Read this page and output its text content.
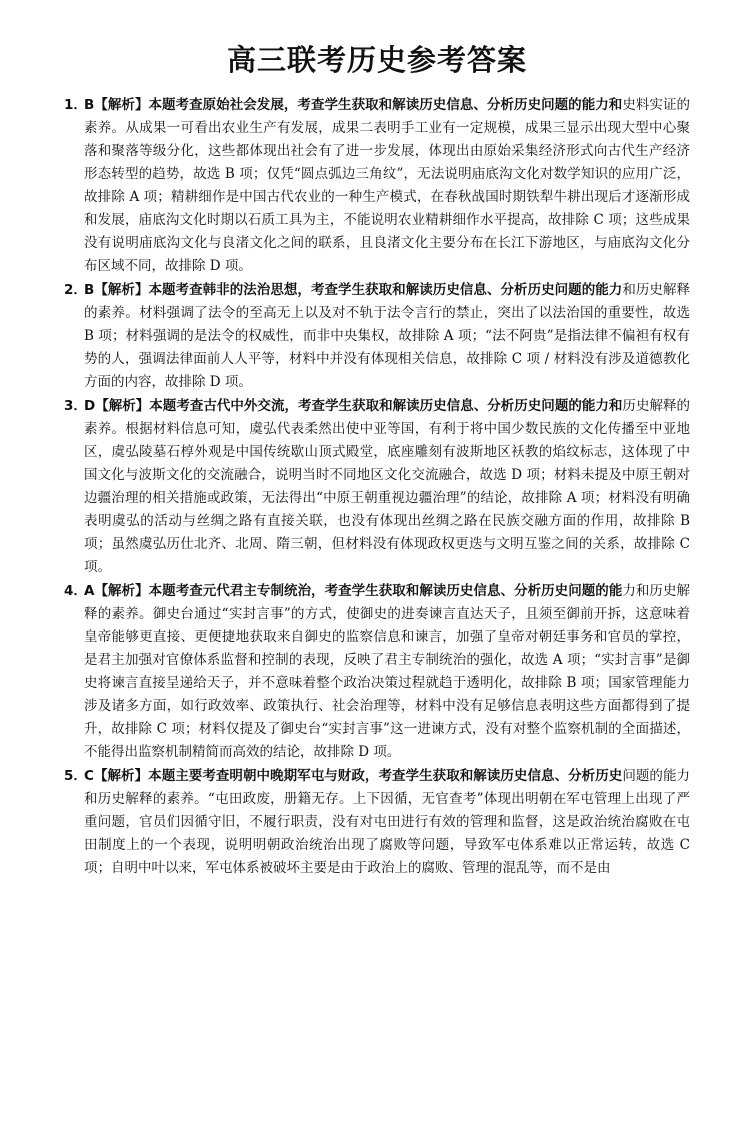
高三联考历史参考答案
1．
B【解析】本题考查原始社会发展，考查学生获取和解读历史信息、分析历史问题的能力和史料实证的素养。从成果一可看出农业生产有发展，成果二表明手工业有一定规模，成果三显示出现大型中心聚落和聚落等级分化，这些都体现出社会有了进一步发展，体现出由原始采集经济形式向古代生产经济形态转型的趋势，故选 B 项；仅凭“圆点弧边三角纹”，无法说明庙底沟文化对数学知识的应用广泛，故排除 A 项；精耕细作是中国古代农业的一种生产模式，在春秋战国时期铁犁牛耕出现后才逐渐形成和发展，庙底沟文化时期以石质工具为主，不能说明农业精耕细作水平提高，故排除 C 项；这些成果没有说明庙底沟文化与良渚文化之间的联系，且良渚文化主要分布在长江下游地区，与庙底沟文化分布区域不同，故排除 D 项。
2．
B【解析】本题考查韩非的法治思想，考查学生获取和解读历史信息、分析历史问题的能力和历史解释的素养。材料强调了法令的至高无上以及对不轨于法令言行的禁止，突出了以法治国的重要性，故选 B 项；材料强调的是法令的权威性，而非中央集权，故排除 A 项；“法不阿贵”是指法律不偏袒有权有势的人，强调法律面前人人平等，材料中并没有体现相关信息，故排除 C 项 / 材料没有涉及道德教化方面的内容，故排除 D 项。
3．
D【解析】本题考查古代中外交流，考查学生获取和解读历史信息、分析历史问题的能力和历史解释的素养。根据材料信息可知，虞弘代表柔然出使中亚等国，有利于将中国少数民族的文化传播至中亚地区，虞弘陵墓石椁外观是中国传统歇山顶式殿堂，底座雕刻有波斯地区袄教的焰纹标志，这体现了中国文化与波斯文化的交流融合，说明当时不同地区文化交流融合，故选 D 项；材料未提及中原王朝对边疆治理的相关措施或政策，无法得出“中原王朝重视边疆治理”的结论，故排除 A 项；材料没有明确表明虞弘的活动与丝绸之路有直接关联，也没有体现出丝绸之路在民族交融方面的作用，故排除 B 项；虽然虞弘历仕北齐、北周、隋三朝，但材料没有体现政权更迭与文明互鉴之间的关系，故排除 C 项。
4．
A【解析】本题考查元代君主专制统治，考查学生获取和解读历史信息、分析历史问题的能力和历史解释的素养。御史台通过“实封言事”的方式，使御史的进奏谏言直达天子，且须至御前开拆，这意味着皇帝能够更直接、更便捷地获取来自御史的监察信息和谏言，加强了皇帝对朝廷事务和官员的掌控，是君主加强对官僚体系监督和控制的表现，反映了君主专制统治的强化，故选 A 项；“实封言事”是御史将谏言直接呈递给天子，并不意味着整个政治决策过程就趋于透明化，故排除 B 项；国家管理能力涉及诸多方面，如行政效率、政策执行、社会治理等，材料中没有足够信息表明这些方面都得到了提升，故排除 C 项；材料仅提及了御史台“实封言事”这一进谏方式，没有对整个监察机制的全面描述，不能得出监察机制精简而高效的结论，故排除 D 项。
5．
C【解析】本题主要考查明朝中晚期军屯与财政，考查学生获取和解读历史信息、分析历史问题的能力和历史解释的素养。“屯田政废，册籍无存。上下因循，无官查考”体现出明朝在军屯管理上出现了严重问题，官员们因循守旧，不履行职责，没有对屯田进行有效的管理和监督，这是政治统治腐败在屯田制度上的一个表现，说明明朝政治统治出现了腐败等问题，导致军屯体系难以正常运转，故选 C 项；自明中叶以来，军屯体系被破坏主要是由于政治上的腐败、管理的混乱等，而不是由
